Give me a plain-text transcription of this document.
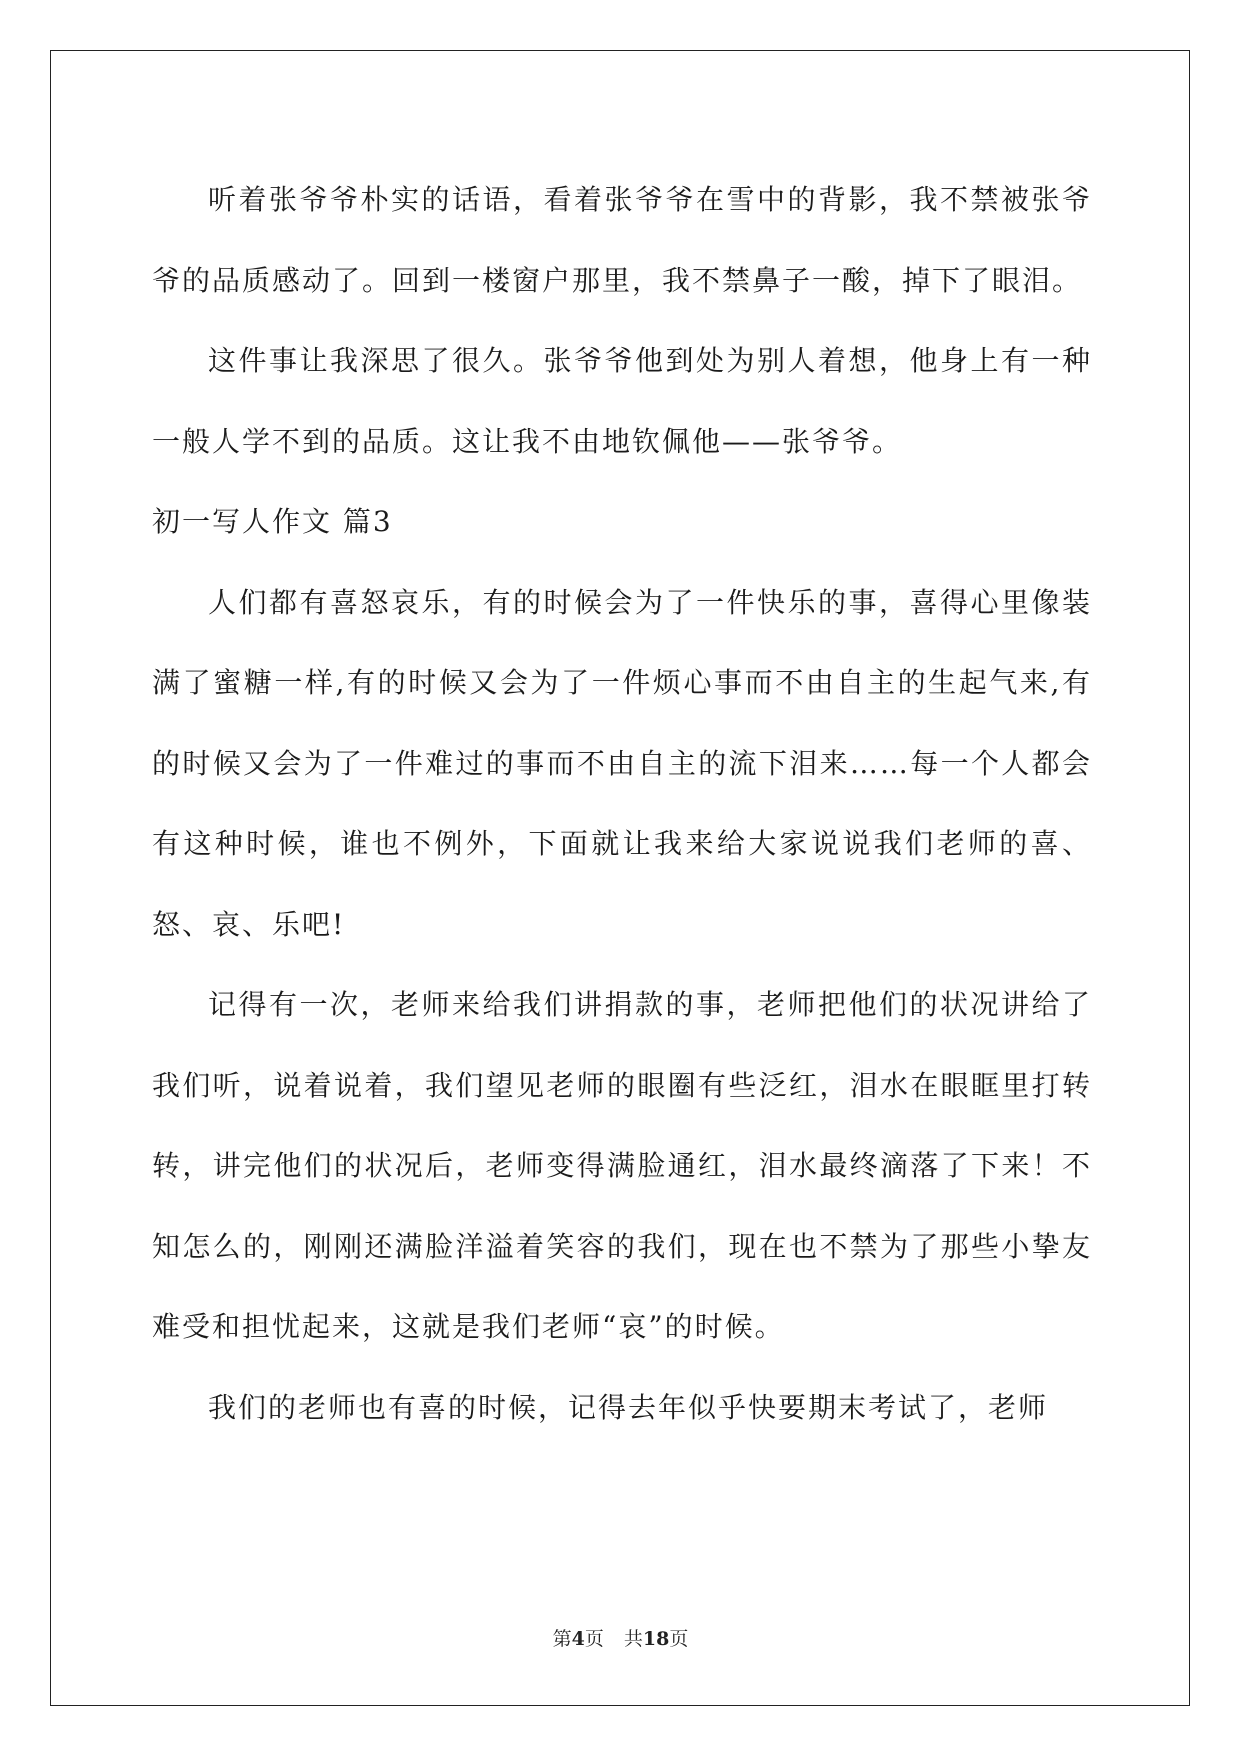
听着张爷爷朴实的话语，看着张爷爷在雪中的背影，我不禁被张爷爷的品质感动了。回到一楼窗户那里，我不禁鼻子一酸，掉下了眼泪。

这件事让我深思了很久。张爷爷他到处为别人着想，他身上有一种一般人学不到的品质。这让我不由地钦佩他——张爷爷。

初一写人作文 篇3

人们都有喜怒哀乐，有的时候会为了一件快乐的事，喜得心里像装满了蜜糖一样,有的时候又会为了一件烦心事而不由自主的生起气来,有的时候又会为了一件难过的事而不由自主的流下泪来……每一个人都会有这种时候，谁也不例外，下面就让我来给大家说说我们老师的喜、怒、哀、乐吧!

记得有一次，老师来给我们讲捐款的事，老师把他们的状况讲给了我们听，说着说着，我们望见老师的眼圈有些泛红，泪水在眼眶里打转转，讲完他们的状况后，老师变得满脸通红，泪水最终滴落了下来！不知怎么的，刚刚还满脸洋溢着笑容的我们，现在也不禁为了那些小挚友难受和担忧起来，这就是我们老师“哀”的时候。

我们的老师也有喜的时候，记得去年似乎快要期末考试了，老师

第4页 共18页
